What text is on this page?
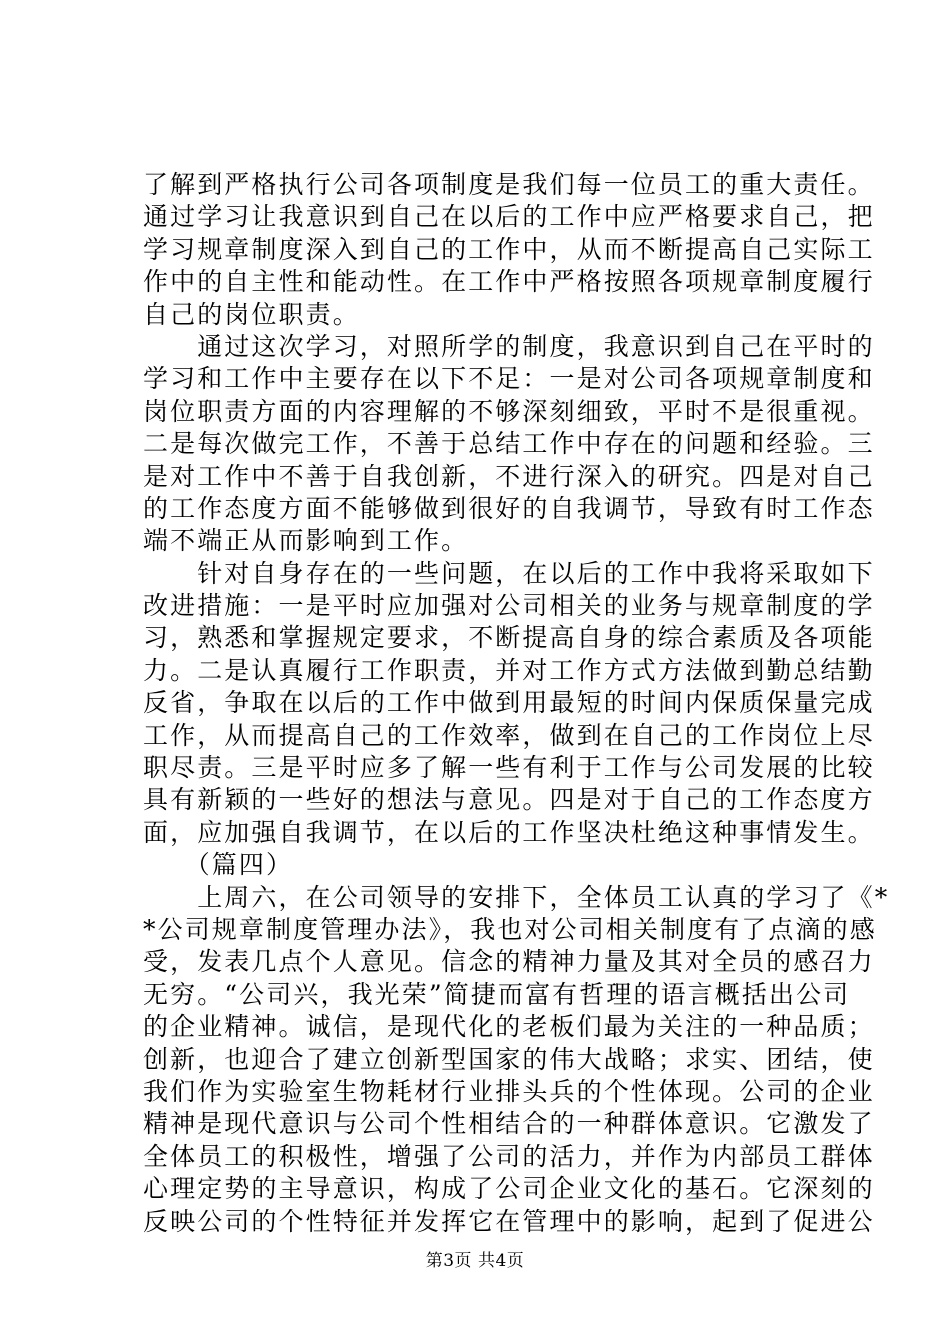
了解到严格执行公司各项制度是我们每一位员工的重大责任。
通过学习让我意识到自己在以后的工作中应严格要求自己，把
学习规章制度深入到自己的工作中，从而不断提高自己实际工
作中的自主性和能动性。在工作中严格按照各项规章制度履行
自己的岗位职责。
　　通过这次学习，对照所学的制度，我意识到自己在平时的
学习和工作中主要存在以下不足：一是对公司各项规章制度和
岗位职责方面的内容理解的不够深刻细致，平时不是很重视。
二是每次做完工作，不善于总结工作中存在的问题和经验。三
是对工作中不善于自我创新，不进行深入的研究。四是对自己
的工作态度方面不能够做到很好的自我调节，导致有时工作态
端不端正从而影响到工作。
　　针对自身存在的一些问题，在以后的工作中我将采取如下
改进措施：一是平时应加强对公司相关的业务与规章制度的学
习，熟悉和掌握规定要求，不断提高自身的综合素质及各项能
力。二是认真履行工作职责，并对工作方式方法做到勤总结勤
反省，争取在以后的工作中做到用最短的时间内保质保量完成
工作，从而提高自己的工作效率，做到在自己的工作岗位上尽
职尽责。三是平时应多了解一些有利于工作与公司发展的比较
具有新颖的一些好的想法与意见。四是对于自己的工作态度方
面，应加强自我调节，在以后的工作坚决杜绝这种事情发生。
　　（篇四）
　　上周六，在公司领导的安排下，全体员工认真的学习了《*
*公司规章制度管理办法》，我也对公司相关制度有了点滴的感
受，发表几点个人意见。信念的精神力量及其对全员的感召力
无穷。“公司兴，我光荣”简捷而富有哲理的语言概括出公司
的企业精神。诚信，是现代化的老板们最为关注的一种品质；
创新，也迎合了建立创新型国家的伟大战略；求实、团结，使
我们作为实验室生物耗材行业排头兵的个性体现。公司的企业
精神是现代意识与公司个性相结合的一种群体意识。它激发了
全体员工的积极性，增强了公司的活力，并作为内部员工群体
心理定势的主导意识，构成了公司企业文化的基石。它深刻的
反映公司的个性特征并发挥它在管理中的影响，起到了促进公
第3页 共4页
